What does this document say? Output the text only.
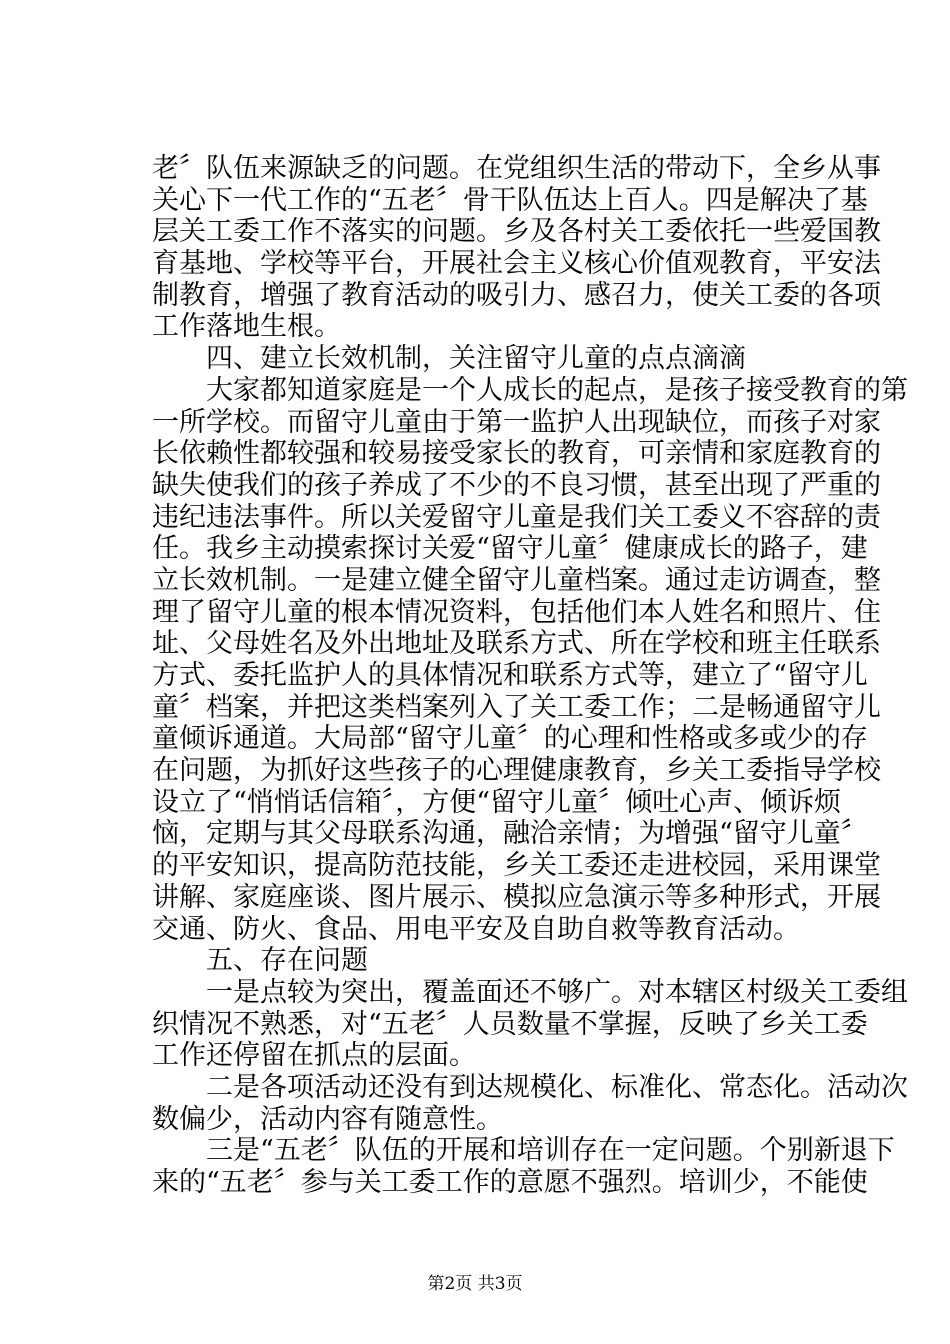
老〞队伍来源缺乏的问题。在党组织生活的带动下，全乡从事
关心下一代工作的“五老〞骨干队伍达上百人。四是解决了基
层关工委工作不落实的问题。乡及各村关工委依托一些爱国教
育基地、学校等平台，开展社会主义核心价值观教育，平安法
制教育，增强了教育活动的吸引力、感召力，使关工委的各项
工作落地生根。
　　四、建立长效机制，关注留守儿童的点点滴滴
　　大家都知道家庭是一个人成长的起点，是孩子接受教育的第
一所学校。而留守儿童由于第一监护人出现缺位，而孩子对家
长依赖性都较强和较易接受家长的教育，可亲情和家庭教育的
缺失使我们的孩子养成了不少的不良习惯，甚至出现了严重的
违纪违法事件。所以关爱留守儿童是我们关工委义不容辞的责
任。我乡主动摸索探讨关爱“留守儿童〞健康成长的路子，建
立长效机制。一是建立健全留守儿童档案。通过走访调查，整
理了留守儿童的根本情况资料，包括他们本人姓名和照片、住
址、父母姓名及外出地址及联系方式、所在学校和班主任联系
方式、委托监护人的具体情况和联系方式等，建立了“留守儿
童〞档案，并把这类档案列入了关工委工作；二是畅通留守儿
童倾诉通道。大局部“留守儿童〞的心理和性格或多或少的存
在问题，为抓好这些孩子的心理健康教育，乡关工委指导学校
设立了“悄悄话信箱〞，方便“留守儿童〞倾吐心声、倾诉烦
恼，定期与其父母联系沟通，融洽亲情；为增强“留守儿童〞
的平安知识，提高防范技能，乡关工委还走进校园，采用课堂
讲解、家庭座谈、图片展示、模拟应急演示等多种形式，开展
交通、防火、食品、用电平安及自助自救等教育活动。
　　五、存在问题
　　一是点较为突出，覆盖面还不够广。对本辖区村级关工委组
织情况不熟悉，对“五老〞人员数量不掌握，反映了乡关工委
工作还停留在抓点的层面。
　　二是各项活动还没有到达规模化、标准化、常态化。活动次
数偏少，活动内容有随意性。
　　三是“五老〞队伍的开展和培训存在一定问题。个别新退下
来的“五老〞参与关工委工作的意愿不强烈。培训少，不能使
第2页 共3页
